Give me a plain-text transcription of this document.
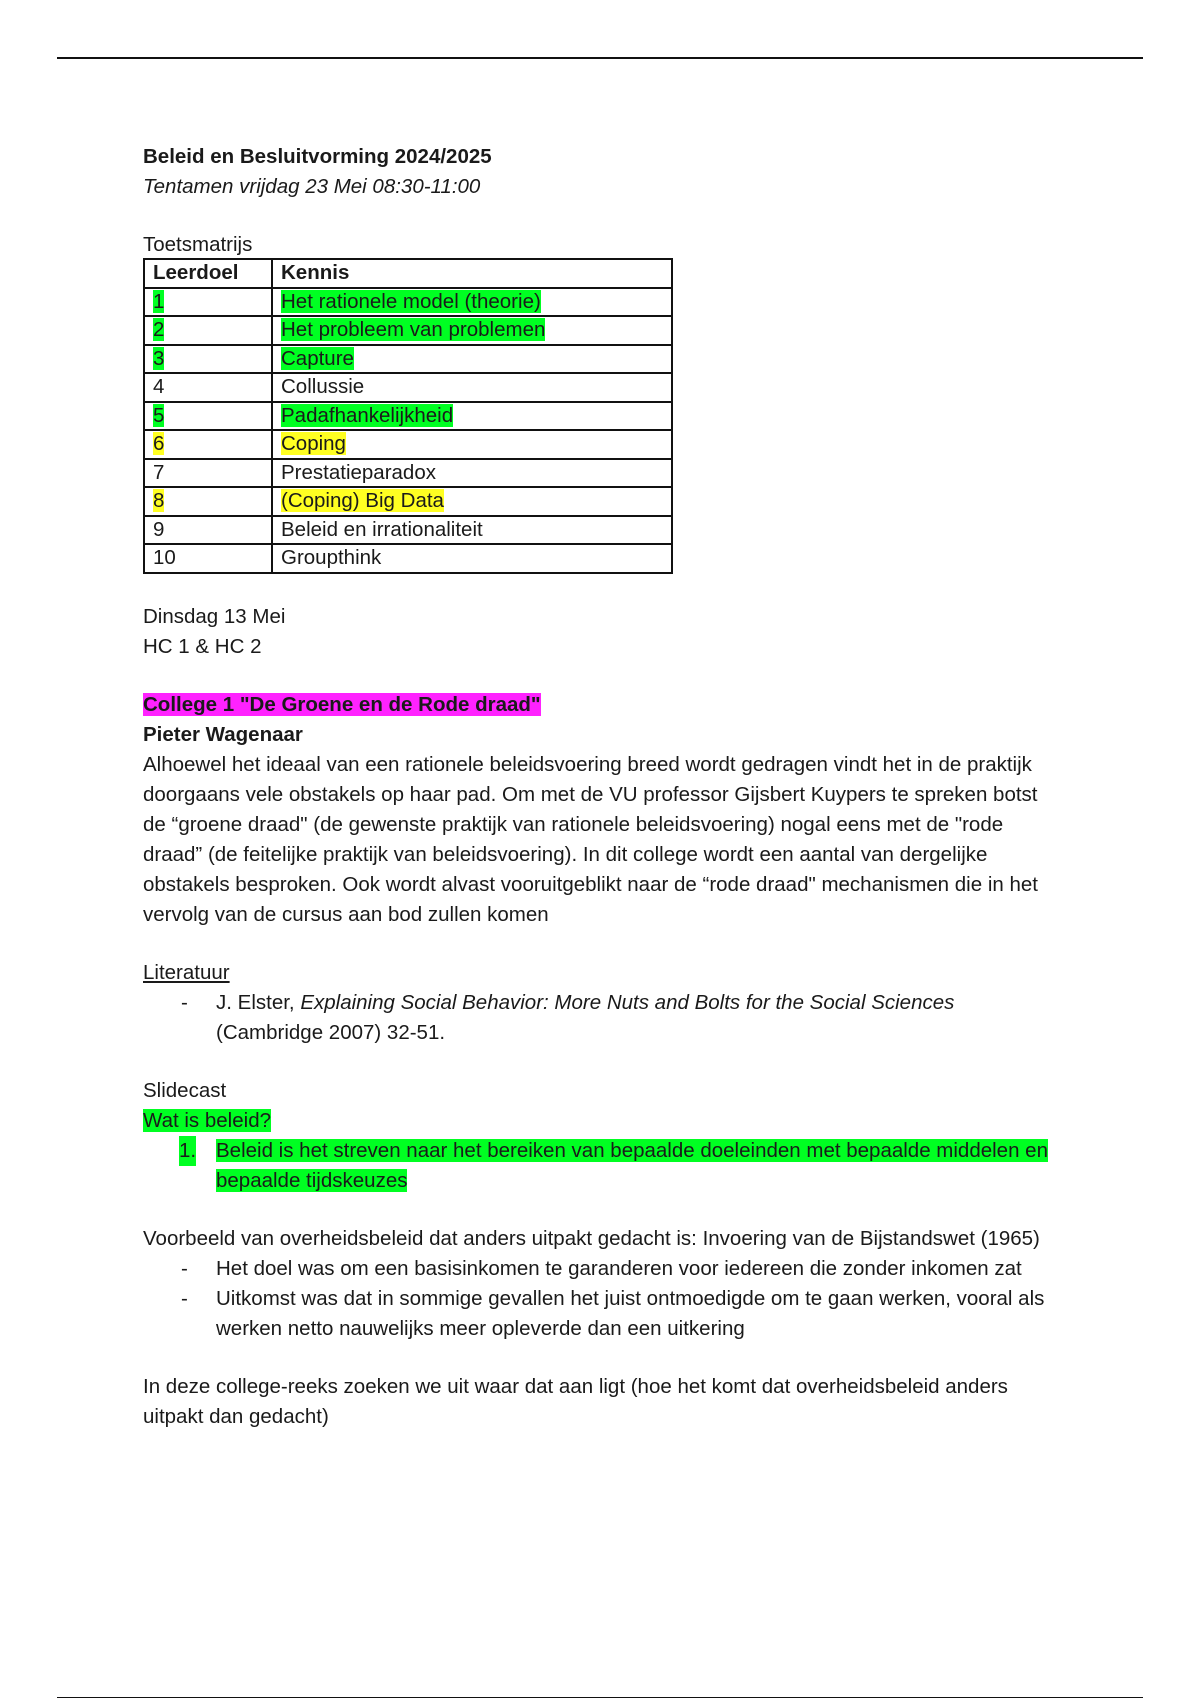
Beleid en Besluitvorming 2024/2025

Tentamen vrijdag 23 Mei 08:30-11:00

Toetsmatrijs

Leerdoel	Kennis
1	Het rationele model (theorie)
2	Het probleem van problemen
3	Capture
4	Collussie
5	Padafhankelijkheid
6	Coping
7	Prestatieparadox
8	(Coping) Big Data
9	Beleid en irrationaliteit
10	Groupthink

Dinsdag 13 Mei

HC 1 & HC 2

College 1 "De Groene en de Rode draad"

Pieter Wagenaar

Alhoewel het ideaal van een rationele beleidsvoering breed wordt gedragen vindt het in de praktijk doorgaans vele obstakels op haar pad. Om met de VU professor Gijsbert Kuypers te spreken botst de “groene draad" (de gewenste praktijk van rationele beleidsvoering) nogal eens met de "rode draad” (de feitelijke praktijk van beleidsvoering). In dit college wordt een aantal van dergelijke obstakels besproken. Ook wordt alvast vooruitgeblikt naar de “rode draad" mechanismen die in het vervolg van de cursus aan bod zullen komen

Literatuur

- J. Elster, Explaining Social Behavior: More Nuts and Bolts for the Social Sciences (Cambridge 2007) 32-51.

Slidecast

Wat is beleid?

1. Beleid is het streven naar het bereiken van bepaalde doeleinden met bepaalde middelen en bepaalde tijdskeuzes

Voorbeeld van overheidsbeleid dat anders uitpakt gedacht is: Invoering van de Bijstandswet (1965)

- Het doel was om een basisinkomen te garanderen voor iedereen die zonder inkomen zat
- Uitkomst was dat in sommige gevallen het juist ontmoedigde om te gaan werken, vooral als werken netto nauwelijks meer opleverde dan een uitkering

In deze college-reeks zoeken we uit waar dat aan ligt (hoe het komt dat overheidsbeleid anders uitpakt dan gedacht)
